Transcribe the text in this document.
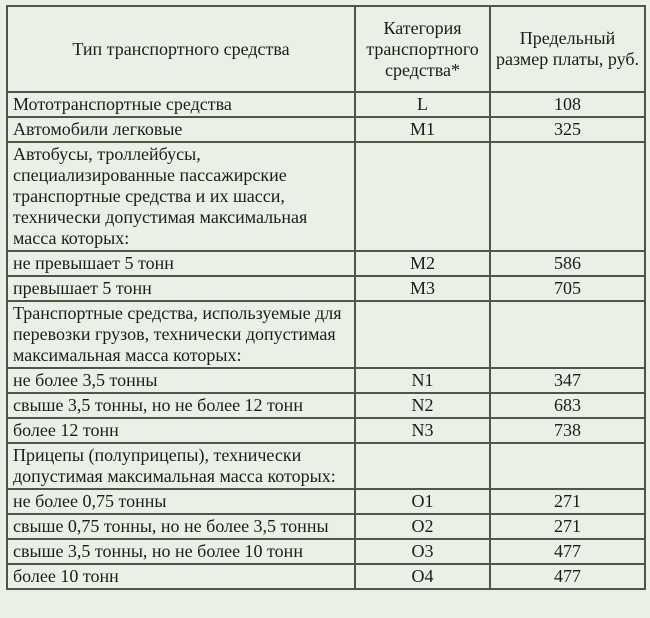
Тип транспортного средства	Категория транспортного средства*	Предельный размер платы, руб.
Мототранспортные средства	L	108
Автомобили легковые	M1	325
Автобусы, троллейбусы, специализированные пассажирские транспортные средства и их шасси, технически допустимая максимальная масса которых:		
не превышает 5 тонн	M2	586
превышает 5 тонн	M3	705
Транспортные средства, используемые для перевозки грузов, технически допустимая максимальная масса которых:		
не более 3,5 тонны	N1	347
свыше 3,5 тонны, но не более 12 тонн	N2	683
более 12 тонн	N3	738
Прицепы (полуприцепы), технически допустимая максимальная масса которых:		
не более 0,75 тонны	O1	271
свыше 0,75 тонны, но не более 3,5 тонны	O2	271
свыше 3,5 тонны, но не более 10 тонн	O3	477
более 10 тонн	O4	477
